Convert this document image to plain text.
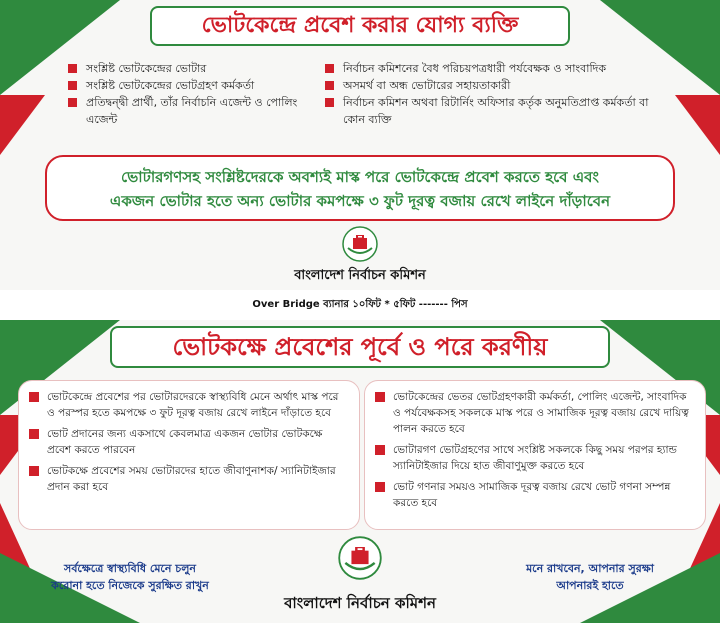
ভোটকেন্দ্রে প্রবেশ করার যোগ্য ব্যক্তি
সংশ্লিষ্ট ভোটকেন্দ্রের ভোটার
সংশ্লিষ্ট ভোটকেন্দ্রের ভোটগ্রহণ কর্মকর্তা
প্রতিদ্বন্দ্বী প্রার্থী, তাঁর নির্বাচনি এজেন্ট ও পোলিং এজেন্ট
নির্বাচন কমিশনের বৈধ পরিচয়পত্রধারী পর্যবেক্ষক ও সাংবাদিক
অসমর্থ বা অন্ধ ভোটারের সহায়তাকারী
নির্বাচন কমিশন অথবা রিটার্নিং অফিসার কর্তৃক অনুমতিপ্রাপ্ত কর্মকর্তা বা কোন ব্যক্তি
ভোটারগণসহ সংশ্লিষ্টদেরকে অবশ্যই মাস্ক পরে ভোটকেন্দ্রে প্রবেশ করতে হবে এবং
একজন ভোটার হতে অন্য ভোটার কমপক্ষে ৩ ফুট দূরত্ব বজায় রেখে লাইনে দাঁড়াবেন
বাংলাদেশ নির্বাচন কমিশন
Over Bridge ব্যানার ১০ফিট * ৫ফিট ------- পিস
ভোটকক্ষে প্রবেশের পূর্বে ও পরে করণীয়
ভোটকেন্দ্রে প্রবেশের পর ভোটারদেরকে স্বাস্থ্যবিধি মেনে অর্থাৎ মাস্ক পরে ও পরস্পর হতে কমপক্ষে ৩ ফুট দূরত্ব বজায় রেখে লাইনে দাঁড়াতে হবে
ভোট প্রদানের জন্য একসাথে কেবলমাত্র একজন ভোটার ভোটকক্ষে প্রবেশ করতে পারবেন
ভোটকক্ষে প্রবেশের সময় ভোটারদের হাতে জীবাণুনাশক/ স্যানিটাইজার প্রদান করা হবে
ভোটকেন্দ্রের ভেতর ভোটগ্রহণকারী কর্মকর্তা, পোলিং এজেন্ট, সাংবাদিক ও পর্যবেক্ষকসহ সকলকে মাস্ক পরে ও সামাজিক দূরত্ব বজায় রেখে দায়িত্ব পালন করতে হবে
ভোটারগণ ভোটগ্রহণের সাথে সংশ্লিষ্ট সকলকে কিছু সময় পরপর হ্যান্ড স্যানিটাইজার দিয়ে হাত জীবাণুমুক্ত করতে হবে
ভোট গণনার সময়ও সামাজিক দূরত্ব বজায় রেখে ভোট গণনা সম্পন্ন করতে হবে
সর্বক্ষেত্রে স্বাস্থ্যবিধি মেনে চলুন
করোনা হতে নিজেকে সুরক্ষিত রাখুন
মনে রাখবেন, আপনার সুরক্ষা
আপনারই হাতে
বাংলাদেশ নির্বাচন কমিশন
